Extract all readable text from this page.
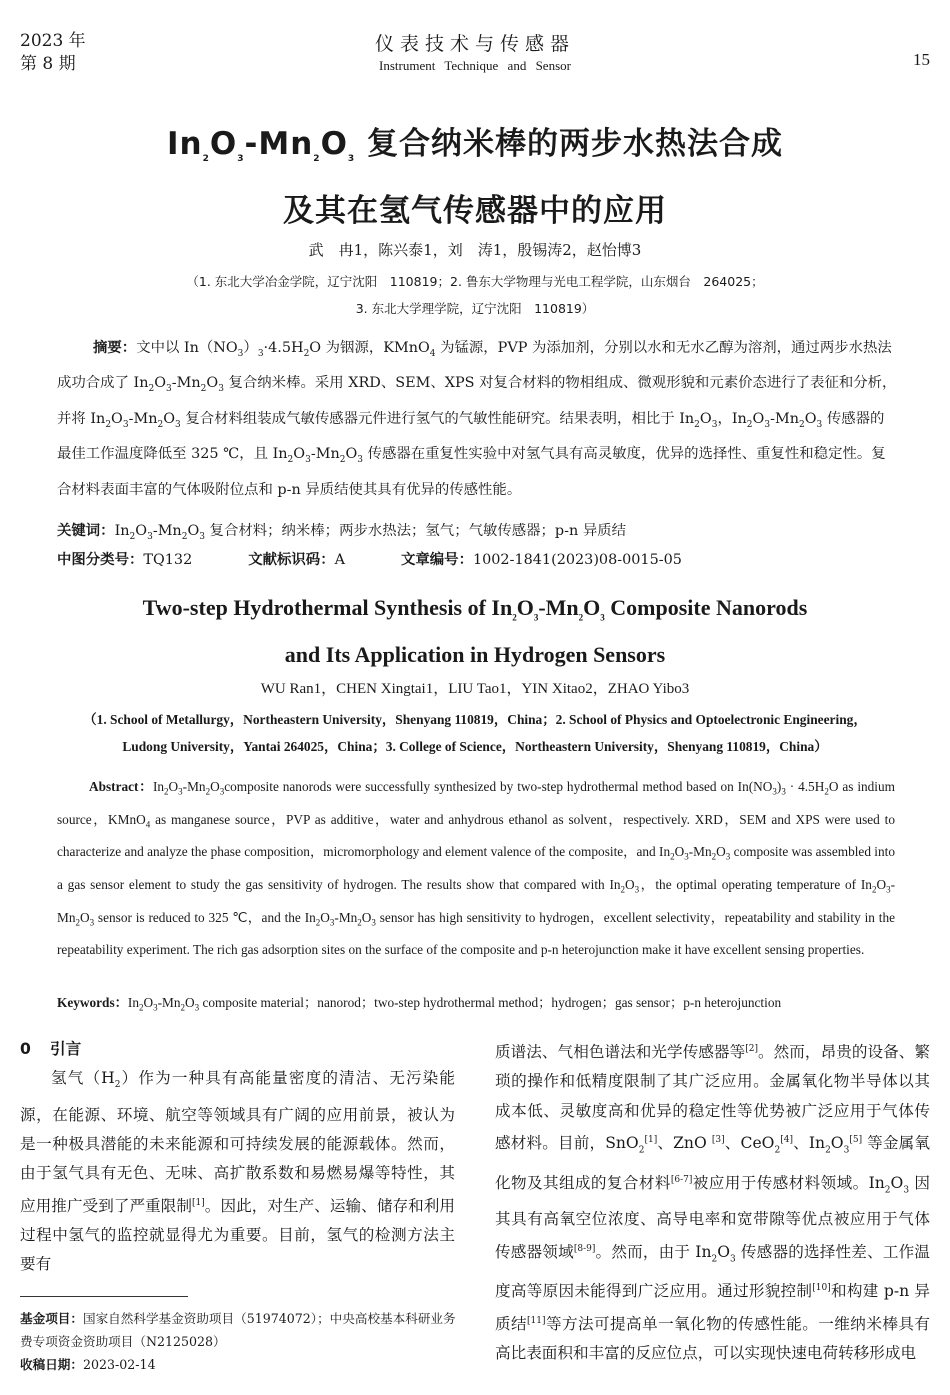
2023 年
第 8 期
仪表技术与传感器
Instrument Technique and Sensor	15
$In_2O_3-Mn_2O_3$ 复合纳米棒的两步水热法合成
及其在氢气传感器中的应用
武　冉1，陈兴泰1，刘　涛1，殷锡涛2，赵怡博3
（1. 东北大学冶金学院，辽宁沈阳　110819；2. 鲁东大学物理与光电工程学院，山东烟台　264025；
3. 东北大学理学院，辽宁沈阳　110819）
摘要：文中以 $In(NO_3)_3\cdot 4.5H_2O$ 为铟源，KMnO$_4$ 为锰源，PVP 为添加剂，分别以水和无水乙醇为溶剂，通过两步水热法成功合成了 $In_2O_3-Mn_2O_3$ 复合纳米棒。采用 XRD、SEM、XPS 对复合材料的物相组成、微观形貌和元素价态进行了表征和分析，并将 $In_2O_3-Mn_2O_3$ 复合材料组装成气敏传感器元件进行氢气的气敏性能研究。结果表明，相比于 $In_2O_3$，$In_2O_3-Mn_2O_3$ 传感器的最佳工作温度降低至 325 ℃，且 $In_2O_3-Mn_2O_3$ 传感器在重复性实验中对氢气具有高灵敏度，优异的选择性、重复性和稳定性。复合材料表面丰富的气体吸附位点和 p-n 异质结使其具有优异的传感性能。
关键词：$In_2O_3-Mn_2O_3$ 复合材料；纳米棒；两步水热法；氢气；气敏传感器；p-n 异质结
中图分类号：TQ132	文献标识码：A	文章编号：1002-1841(2023)08-0015-05
Two-step Hydrothermal Synthesis of $In_2O_3-Mn_2O_3$ Composite Nanorods
and Its Application in Hydrogen Sensors
WU Ran1，CHEN Xingtai1，LIU Tao1，YIN Xitao2，ZHAO Yibo3
（1. School of Metallurgy，Northeastern University，Shenyang 110819，China；2. School of Physics and Optoelectronic Engineering，
Ludong University，Yantai 264025，China；3. College of Science，Northeastern University，Shenyang 110819，China）
Abstract：$In_2O_3-Mn_2O_3composite$ nanorods were successfully synthesized by two-step hydrothermal method based on $In(NO_3)_3 \cdot 4.5H_2O$ as indium source，KMnO$_4$ as manganese source，PVP as additive，water and anhydrous ethanol as solvent，respectively. XRD，SEM and XPS were used to characterize and analyze the phase composition，micromorphology and element valence of the composite，and $In_2O_3-Mn_2O_3$ composite was assembled into a gas sensor element to study the gas sensitivity of hydrogen. The results show that compared with $In_2O_3$，the optimal operating temperature of $In_2O_3-Mn_2O_3$ sensor is reduced to 325 ℃，and the $In_2O_3-Mn_2O_3$ sensor has high sensitivity to hydrogen，excellent selectivity，repeatability and stability in the repeatability experiment. The rich gas adsorption sites on the surface of the composite and p-n heterojunction make it have excellent sensing properties.
Keywords：$In_2O_3-Mn_2O_3$ composite material；nanorod；two-step hydrothermal method；hydrogen；gas sensor；p-n heterojunction
0 引言
氢气$(H_2)$作为一种具有高能量密度的清洁、无污染能源，在能源、环境、航空等领域具有广阔的应用前景，被认为是一种极具潜能的未来能源和可持续发展的能源载体。然而，由于氢气具有无色、无味、高扩散系数和易燃易爆等特性，其应用推广受到了严重限制[1]。因此，对生产、运输、储存和利用过程中氢气的监控就显得尤为重要。目前，氢气的检测方法主要有
质谱法、气相色谱法和光学传感器等[2]。然而，昂贵的设备、繁琐的操作和低精度限制了其广泛应用。金属氧化物半导体以其成本低、灵敏度高和优异的稳定性等优势被广泛应用于气体传感材料。目前，SnO$_2$[1]、ZnO [3]、CeO$_2$[4]、$In_2O_3[5]$ 等金属氧化物及其组成的复合材料[6-7]被应用于传感材料领域。$In_2O_3$ 因其具有高氧空位浓度、高导电率和宽带隙等优点被应用于气体传感器领域[8-9]。然而，由于 $In_2O_3$ 传感器的选择性差、工作温度高等原因未能得到广泛应用。通过形貌控制[10]和构建 p-n 异质结[11]等方法可提高单一氧化物的传感性能。一维纳米棒具有高比表面积和丰富的反应位点，可以实现快速电荷转移形成电
基金项目：国家自然科学基金资助项目（51974072）；中央高校基本科研业务费专项资金资助项目（N2125028）
收稿日期：2023-02-14
